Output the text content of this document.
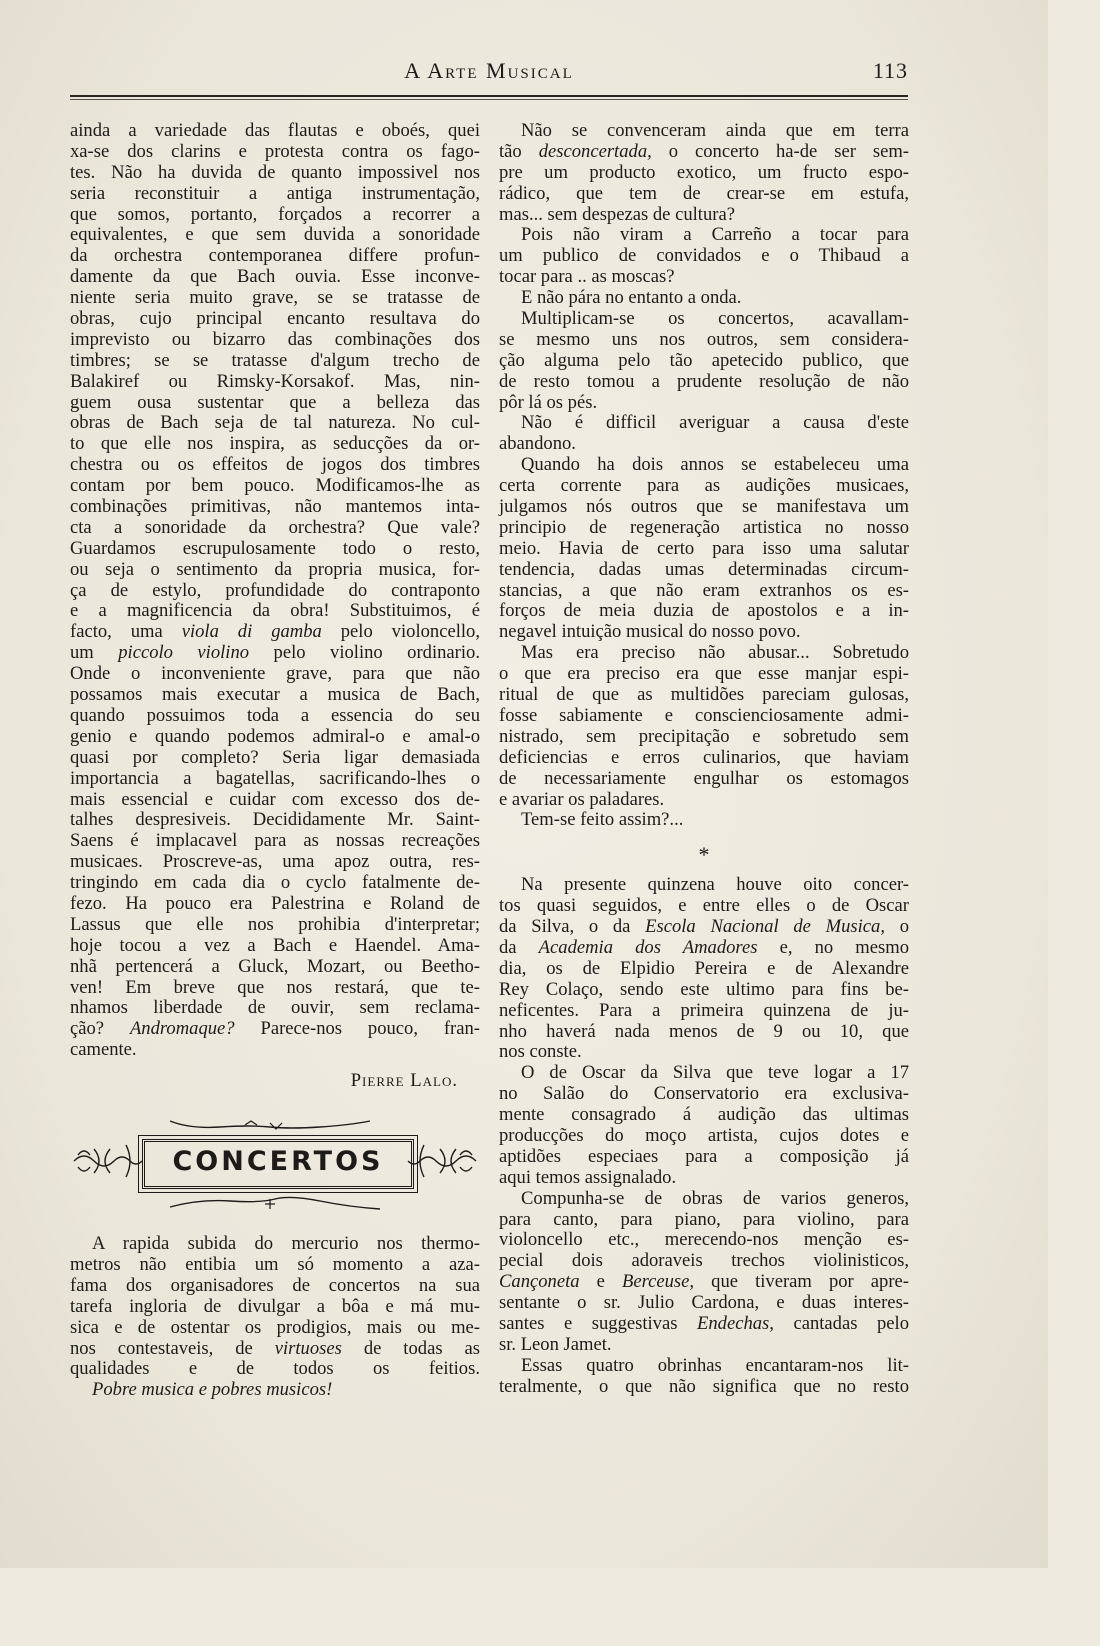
A Arte Musical	113
ainda a variedade das flautas e oboés, quei
xa-se dos clarins e protesta contra os fago-
tes. Não ha duvida de quanto impossivel nos
seria reconstituir a antiga instrumentação,
que somos, portanto, forçados a recorrer a
equivalentes, e que sem duvida a sonoridade
da orchestra contemporanea differe profun-
damente da que Bach ouvia. Esse inconve-
niente seria muito grave, se se tratasse de
obras, cujo principal encanto resultava do
imprevisto ou bizarro das combinações dos
timbres; se se tratasse d'algum trecho de
Balakiref ou Rimsky-Korsakof. Mas, nin-
guem ousa sustentar que a belleza das
obras de Bach seja de tal natureza. No cul-
to que elle nos inspira, as seducções da or-
chestra ou os effeitos de jogos dos timbres
contam por bem pouco. Modificamos-lhe as
combinações primitivas, não mantemos inta-
cta a sonoridade da orchestra? Que vale?
Guardamos escrupulosamente todo o resto,
ou seja o sentimento da propria musica, for-
ça de estylo, profundidade do contraponto
e a magnificencia da obra! Substituimos, é
facto, uma viola di gamba pelo violoncello,
um piccolo violino pelo violino ordinario.
Onde o inconveniente grave, para que não
possamos mais executar a musica de Bach,
quando possuimos toda a essencia do seu
genio e quando podemos admiral-o e amal-o
quasi por completo? Seria ligar demasiada
importancia a bagatellas, sacrificando-lhes o
mais essencial e cuidar com excesso dos de-
talhes despresiveis. Decididamente Mr. Saint-
Saens é implacavel para as nossas recreações
musicaes. Proscreve-as, uma apoz outra, res-
tringindo em cada dia o cyclo fatalmente de-
fezo. Ha pouco era Palestrina e Roland de
Lassus que elle nos prohibia d'interpretar;
hoje tocou a vez a Bach e Haendel. Ama-
nhã pertencerá a Gluck, Mozart, ou Beetho-
ven! Em breve que nos restará, que te-
nhamos liberdade de ouvir, sem reclama-
ção? Andromaque? Parece-nos pouco, fran-
camente.
Pierre Lalo.
CONCERTOS
A rapida subida do mercurio nos thermo-
metros não entibia um só momento a aza-
fama dos organisadores de concertos na sua
tarefa ingloria de divulgar a bôa e má mu-
sica e de ostentar os prodigios, mais ou me-
nos contestaveis, de virtuoses de todas as
qualidades e de todos os feitios.
Pobre musica e pobres musicos!
Não se convenceram ainda que em terra
tão desconcertada, o concerto ha-de ser sem-
pre um producto exotico, um fructo espo-
rádico, que tem de crear-se em estufa,
mas... sem despezas de cultura?
Pois não viram a Carreño a tocar para
um publico de convidados e o Thibaud a
tocar para .. as moscas?
E não pára no entanto a onda.
Multiplicam-se os concertos, acavallam-
se mesmo uns nos outros, sem considera-
ção alguma pelo tão apetecido publico, que
de resto tomou a prudente resolução de não
pôr lá os pés.
Não é difficil averiguar a causa d'este
abandono.
Quando ha dois annos se estabeleceu uma
certa corrente para as audições musicaes,
julgamos nós outros que se manifestava um
principio de regeneração artistica no nosso
meio. Havia de certo para isso uma salutar
tendencia, dadas umas determinadas circum-
stancias, a que não eram extranhos os es-
forços de meia duzia de apostolos e a in-
negavel intuição musical do nosso povo.
Mas era preciso não abusar... Sobretudo
o que era preciso era que esse manjar espi-
ritual de que as multidões pareciam gulosas,
fosse sabiamente e conscienciosamente admi-
nistrado, sem precipitação e sobretudo sem
deficiencias e erros culinarios, que haviam
de necessariamente engulhar os estomagos
e avariar os paladares.
Tem-se feito assim?...
*
Na presente quinzena houve oito concer-
tos quasi seguidos, e entre elles o de Oscar
da Silva, o da Escola Nacional de Musica, o
da Academia dos Amadores e, no mesmo
dia, os de Elpidio Pereira e de Alexandre
Rey Colaço, sendo este ultimo para fins be-
neficentes. Para a primeira quinzena de ju-
nho haverá nada menos de 9 ou 10, que
nos conste.
O de Oscar da Silva que teve logar a 17
no Salão do Conservatorio era exclusiva-
mente consagrado á audição das ultimas
producções do moço artista, cujos dotes e
aptidões especiaes para a composição já
aqui temos assignalado.
Compunha-se de obras de varios generos,
para canto, para piano, para violino, para
violoncello etc., merecendo-nos menção es-
pecial dois adoraveis trechos violinisticos,
Cançoneta e Berceuse, que tiveram por apre-
sentante o sr. Julio Cardona, e duas interes-
santes e suggestivas Endechas, cantadas pelo
sr. Leon Jamet.
Essas quatro obrinhas encantaram-nos lit-
teralmente, o que não significa que no resto
